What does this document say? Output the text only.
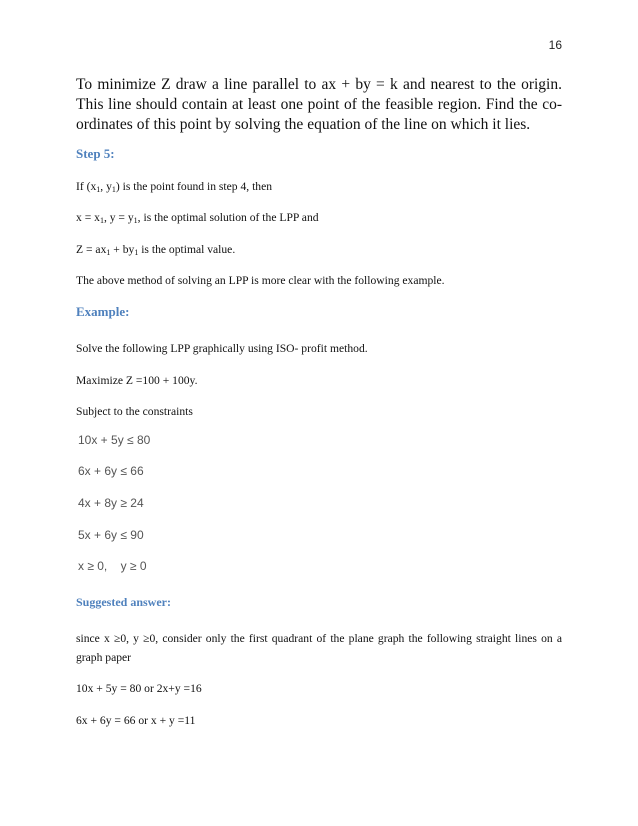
16
To minimize Z draw a line parallel to ax + by = k and nearest to the origin. This line should contain at least one point of the feasible region. Find the co-ordinates of this point by solving the equation of the line on which it lies.
Step 5:
If ($x_1$, $y_1$) is the point found in step 4, then
$x = x_1$, $y = y_1$, is the optimal solution of the LPP and
$Z = ax_1 + by_1$ is the optimal value.
The above method of solving an LPP is more clear with the following example.
Example:
Solve the following LPP graphically using ISO- profit method.
Maximize Z =100 + 100y.
Subject to the constraints
10x + 5y ≤ 80
6x + 6y ≤ 66
4x + 8y ≥ 24
5x + 6y ≤ 90
x ≥ 0,    y ≥ 0
Suggested answer:
since x ≥0, y ≥0, consider only the first quadrant of the plane graph the following straight lines on a graph paper
10x + 5y = 80 or 2x+y =16
6x + 6y = 66 or x + y =11
